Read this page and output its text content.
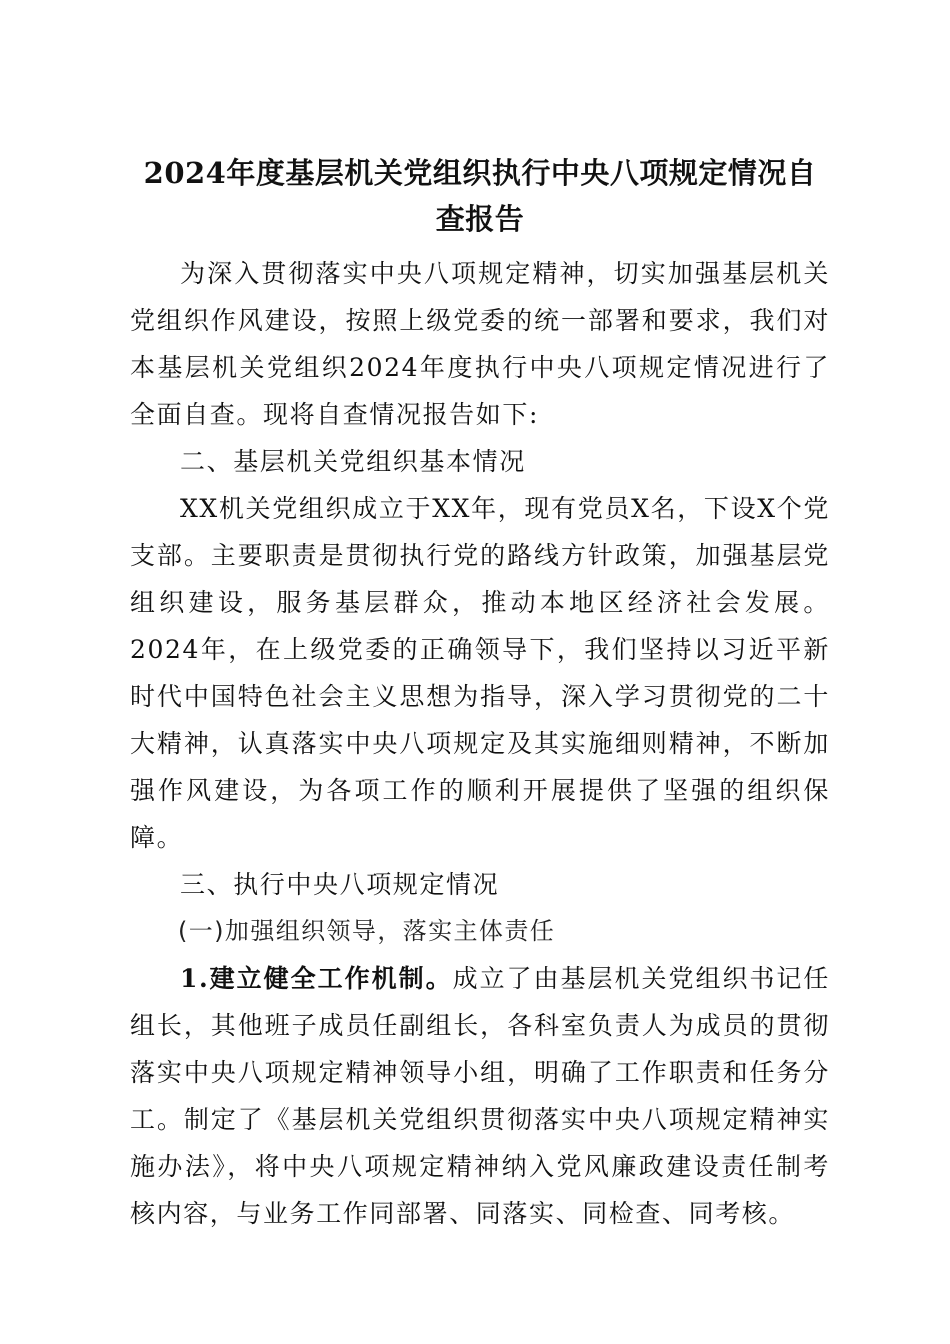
2024年度基层机关党组织执行中央八项规定情况自查报告

为深入贯彻落实中央八项规定精神，切实加强基层机关党组织作风建设，按照上级党委的统一部署和要求，我们对本基层机关党组织2024年度执行中央八项规定情况进行了全面自查。现将自查情况报告如下:

二、基层机关党组织基本情况

XX机关党组织成立于XX年，现有党员X名，下设X个党支部。主要职责是贯彻执行党的路线方针政策，加强基层党组织建设，服务基层群众，推动本地区经济社会发展。2024年，在上级党委的正确领导下，我们坚持以习近平新时代中国特色社会主义思想为指导，深入学习贯彻党的二十大精神，认真落实中央八项规定及其实施细则精神，不断加强作风建设，为各项工作的顺利开展提供了坚强的组织保障。

三、执行中央八项规定情况

(一)加强组织领导，落实主体责任

1.建立健全工作机制。成立了由基层机关党组织书记任组长，其他班子成员任副组长，各科室负责人为成员的贯彻落实中央八项规定精神领导小组，明确了工作职责和任务分工。制定了《基层机关党组织贯彻落实中央八项规定精神实施办法》，将中央八项规定精神纳入党风廉政建设责任制考核内容，与业务工作同部署、同落实、同检查、同考核。
